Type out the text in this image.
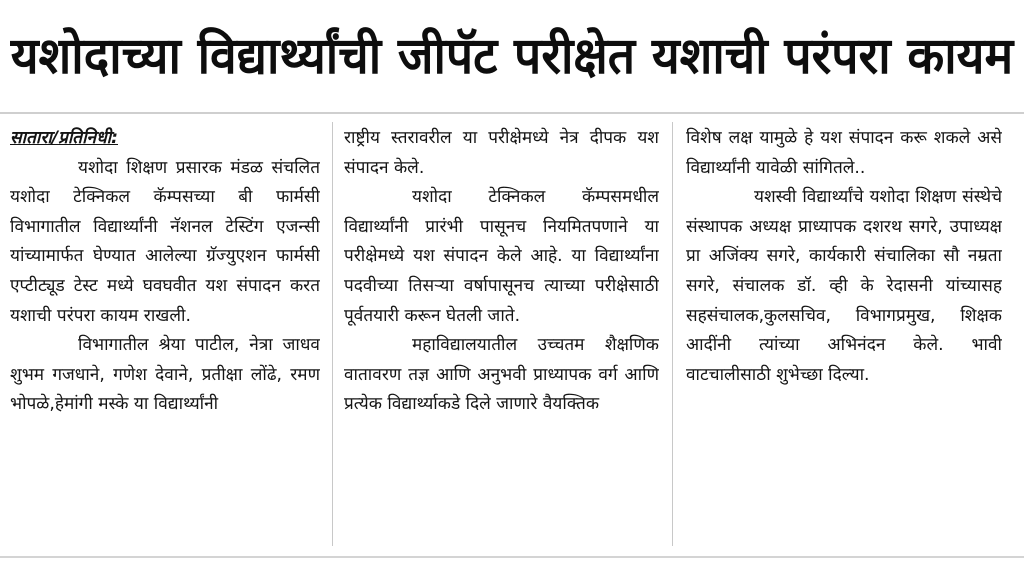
यशोदाच्या विद्यार्थ्यांची जीपॅट परीक्षेत यशाची परंपरा कायम

सातारा/प्रतिनिधी:

यशोदा शिक्षण प्रसारक मंडळ संचलित यशोदा टेक्निकल कॅम्पसच्या बी फार्मसी विभागातील विद्यार्थ्यांनी नॅशनल टेस्टिंग एजन्सी यांच्यामार्फत घेण्यात आलेल्या ग्रॅज्युएशन फार्मसी एप्टीट्यूड टेस्ट मध्ये घवघवीत यश संपादन करत यशाची परंपरा कायम राखली.

विभागातील श्रेया पाटील, नेत्रा जाधव शुभम गजधाने, गणेश देवाने, प्रतीक्षा लोंढे, रमण भोपळे,हेमांगी मस्के या विद्यार्थ्यांनी

राष्ट्रीय स्तरावरील या परीक्षेमध्ये नेत्र दीपक यश संपादन केले.

यशोदा टेक्निकल कॅम्पसमधील विद्यार्थ्यांनी प्रारंभी पासूनच नियमितपणाने या परीक्षेमध्ये यश संपादन केले आहे. या विद्यार्थ्यांना पदवीच्या तिसऱ्या वर्षापासूनच त्याच्या परीक्षेसाठी पूर्वतयारी करून घेतली जाते.

महाविद्यालयातील उच्चतम शैक्षणिक वातावरण तज्ञ आणि अनुभवी प्राध्यापक वर्ग आणि प्रत्येक विद्यार्थ्याकडे दिले जाणारे वैयक्तिक

विशेष लक्ष यामुळे हे यश संपादन करू शकले असे विद्यार्थ्यांनी यावेळी सांगितले..

यशस्वी विद्यार्थ्यांचे यशोदा शिक्षण संस्थेचे संस्थापक अध्यक्ष प्राध्यापक दशरथ सगरे, उपाध्यक्ष प्रा अजिंक्य सगरे, कार्यकारी संचालिका सौ नम्रता सगरे, संचालक डॉ. व्ही के रेदासनी यांच्यासह सहसंचालक,कुलसचिव, विभागप्रमुख, शिक्षक आदींनी त्यांच्या अभिनंदन केले. भावी वाटचालीसाठी शुभेच्छा दिल्या.
